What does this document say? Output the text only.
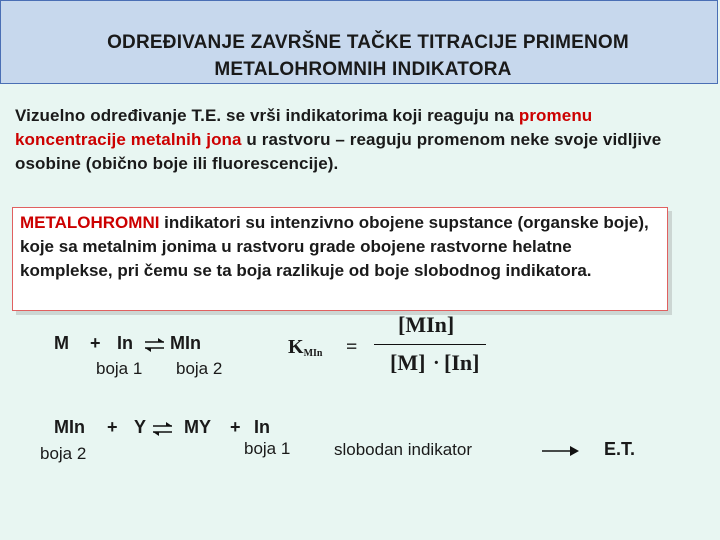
ODREĐIVANJE ZAVRŠNE TAČKE TITRACIJE PRIMENOM
METALOHROMNIH INDIKATORA
Vizuelno određivanje T.E. se vrši indikatorima koji reaguju na promenu koncentracije metalnih jona u rastvoru – reaguju promenom neke svoje vidljive osobine (obično boje ili fluorescencije).
METALOHROMNI indikatori su intenzivno obojene supstance (organske boje), koje sa metalnim jonima u rastvoru grade obojene rastvorne helatne komplekse, pri čemu se ta boja razlikuje od boje slobodnog indikatora.
M + In ⇌ MIn
boja 1 boja 2
KMIn =
[MIn]
[M] · [In]
MIn + Y ⇌ MY + In
boja 2	boja 1	slobodan indikator	E.T.
